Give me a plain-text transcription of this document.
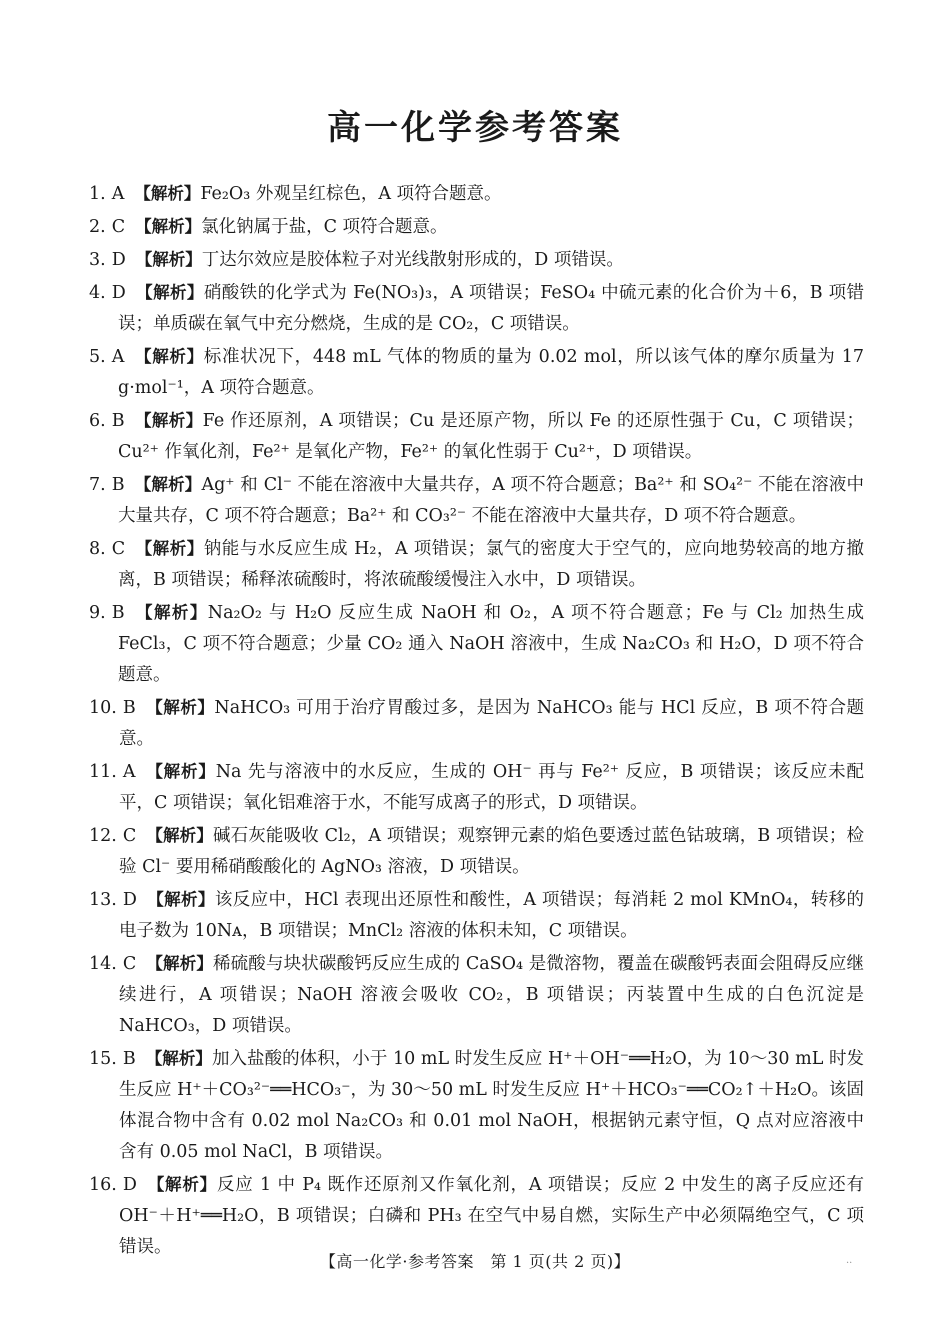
高一化学参考答案
1. A 【解析】Fe₂O₃ 外观呈红棕色，A 项符合题意。
2. C 【解析】氯化钠属于盐，C 项符合题意。
3. D 【解析】丁达尔效应是胶体粒子对光线散射形成的，D 项错误。
4. D 【解析】硝酸铁的化学式为 Fe(NO₃)₃，A 项错误；FeSO₄ 中硫元素的化合价为＋6，B 项错误；单质碳在氧气中充分燃烧，生成的是 CO₂，C 项错误。
5. A 【解析】标准状况下，448 mL 气体的物质的量为 0.02 mol，所以该气体的摩尔质量为 17 g·mol⁻¹，A 项符合题意。
6. B 【解析】Fe 作还原剂，A 项错误；Cu 是还原产物，所以 Fe 的还原性强于 Cu，C 项错误；Cu²⁺ 作氧化剂，Fe²⁺ 是氧化产物，Fe²⁺ 的氧化性弱于 Cu²⁺，D 项错误。
7. B 【解析】Ag⁺ 和 Cl⁻ 不能在溶液中大量共存，A 项不符合题意；Ba²⁺ 和 SO₄²⁻ 不能在溶液中大量共存，C 项不符合题意；Ba²⁺ 和 CO₃²⁻ 不能在溶液中大量共存，D 项不符合题意。
8. C 【解析】钠能与水反应生成 H₂，A 项错误；氯气的密度大于空气的，应向地势较高的地方撤离，B 项错误；稀释浓硫酸时，将浓硫酸缓慢注入水中，D 项错误。
9. B 【解析】Na₂O₂ 与 H₂O 反应生成 NaOH 和 O₂，A 项不符合题意；Fe 与 Cl₂ 加热生成 FeCl₃，C 项不符合题意；少量 CO₂ 通入 NaOH 溶液中，生成 Na₂CO₃ 和 H₂O，D 项不符合题意。
10. B 【解析】NaHCO₃ 可用于治疗胃酸过多，是因为 NaHCO₃ 能与 HCl 反应，B 项不符合题意。
11. A 【解析】Na 先与溶液中的水反应，生成的 OH⁻ 再与 Fe²⁺ 反应，B 项错误；该反应未配平，C 项错误；氧化铝难溶于水，不能写成离子的形式，D 项错误。
12. C 【解析】碱石灰能吸收 Cl₂，A 项错误；观察钾元素的焰色要透过蓝色钴玻璃，B 项错误；检验 Cl⁻ 要用稀硝酸酸化的 AgNO₃ 溶液，D 项错误。
13. D 【解析】该反应中，HCl 表现出还原性和酸性，A 项错误；每消耗 2 mol KMnO₄，转移的电子数为 10Nᴀ，B 项错误；MnCl₂ 溶液的体积未知，C 项错误。
14. C 【解析】稀硫酸与块状碳酸钙反应生成的 CaSO₄ 是微溶物，覆盖在碳酸钙表面会阻碍反应继续进行，A 项错误；NaOH 溶液会吸收 CO₂，B 项错误；丙装置中生成的白色沉淀是 NaHCO₃，D 项错误。
15. B 【解析】加入盐酸的体积，小于 10 mL 时发生反应 H⁺＋OH⁻══H₂O，为 10～30 mL 时发生反应 H⁺＋CO₃²⁻══HCO₃⁻，为 30～50 mL 时发生反应 H⁺＋HCO₃⁻══CO₂↑＋H₂O。该固体混合物中含有 0.02 mol Na₂CO₃ 和 0.01 mol NaOH，根据钠元素守恒，Q 点对应溶液中含有 0.05 mol NaCl，B 项错误。
16. D 【解析】反应 1 中 P₄ 既作还原剂又作氧化剂，A 项错误；反应 2 中发生的离子反应还有 OH⁻＋H⁺══H₂O，B 项错误；白磷和 PH₃ 在空气中易自燃，实际生产中必须隔绝空气，C 项错误。
【高一化学·参考答案　第 1 页(共 2 页)】	··
